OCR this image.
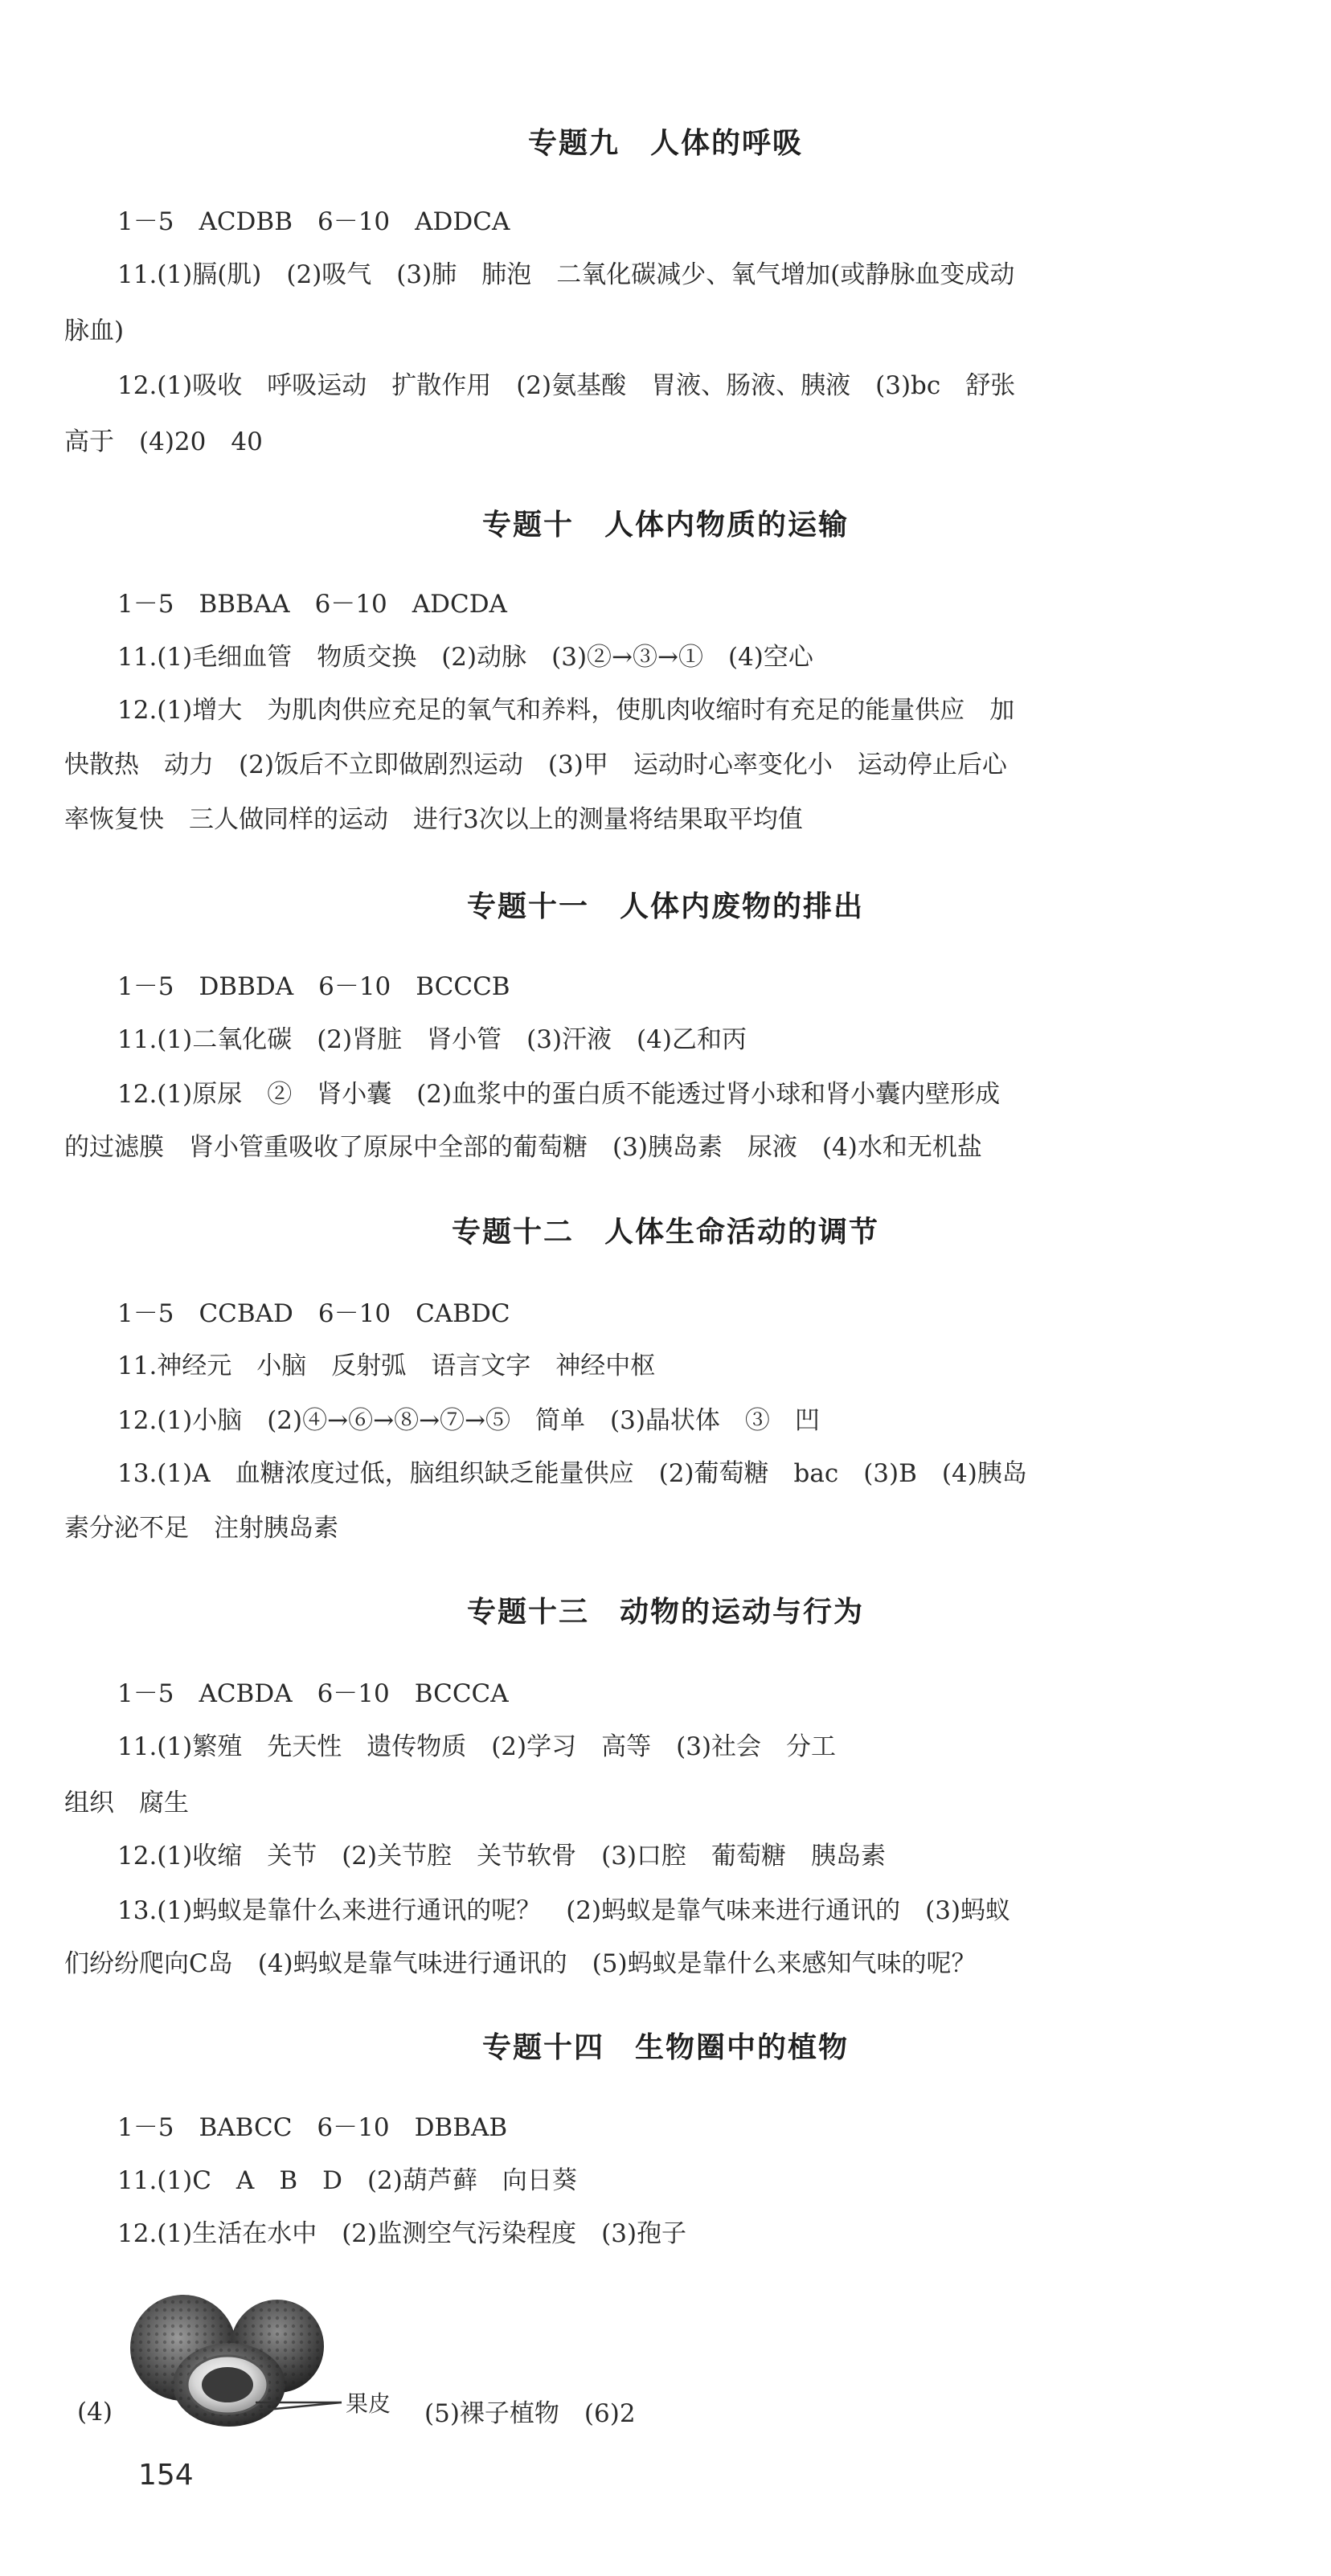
专题九　人体的呼吸
1－5　ACDBB　6－10　ADDCA
11.(1)膈(肌)　(2)吸气　(3)肺　肺泡　二氧化碳减少、氧气增加(或静脉血变成动
脉血)
12.(1)吸收　呼吸运动　扩散作用　(2)氨基酸　胃液、肠液、胰液　(3)bc　舒张
高于　(4)20　40
专题十　人体内物质的运输
1－5　BBBAA　6－10　ADCDA
11.(1)毛细血管　物质交换　(2)动脉　(3)②→③→①　(4)空心
12.(1)增大　为肌肉供应充足的氧气和养料，使肌肉收缩时有充足的能量供应　加
快散热　动力　(2)饭后不立即做剧烈运动　(3)甲　运动时心率变化小　运动停止后心
率恢复快　三人做同样的运动　进行3次以上的测量将结果取平均值
专题十一　人体内废物的排出
1－5　DBBDA　6－10　BCCCB
11.(1)二氧化碳　(2)肾脏　肾小管　(3)汗液　(4)乙和丙
12.(1)原尿　②　肾小囊　(2)血浆中的蛋白质不能透过肾小球和肾小囊内壁形成
的过滤膜　肾小管重吸收了原尿中全部的葡萄糖　(3)胰岛素　尿液　(4)水和无机盐
专题十二　人体生命活动的调节
1－5　CCBAD　6－10　CABDC
11.神经元　小脑　反射弧　语言文字　神经中枢
12.(1)小脑　(2)④→⑥→⑧→⑦→⑤　简单　(3)晶状体　③　凹
13.(1)A　血糖浓度过低，脑组织缺乏能量供应　(2)葡萄糖　bac　(3)B　(4)胰岛
素分泌不足　注射胰岛素
专题十三　动物的运动与行为
1－5　ACBDA　6－10　BCCCA
11.(1)繁殖　先天性　遗传物质　(2)学习　高等　(3)社会　分工
组织　腐生
12.(1)收缩　关节　(2)关节腔　关节软骨　(3)口腔　葡萄糖　胰岛素
13.(1)蚂蚁是靠什么来进行通讯的呢？　(2)蚂蚁是靠气味来进行通讯的　(3)蚂蚁
们纷纷爬向C岛　(4)蚂蚁是靠气味进行通讯的　(5)蚂蚁是靠什么来感知气味的呢？
专题十四　生物圈中的植物
1－5　BABCC　6－10　DBBAB
11.(1)C　A　B　D　(2)葫芦藓　向日葵
12.(1)生活在水中　(2)监测空气污染程度　(3)孢子
(4)	果皮 (5)裸子植物　(6)2
154
